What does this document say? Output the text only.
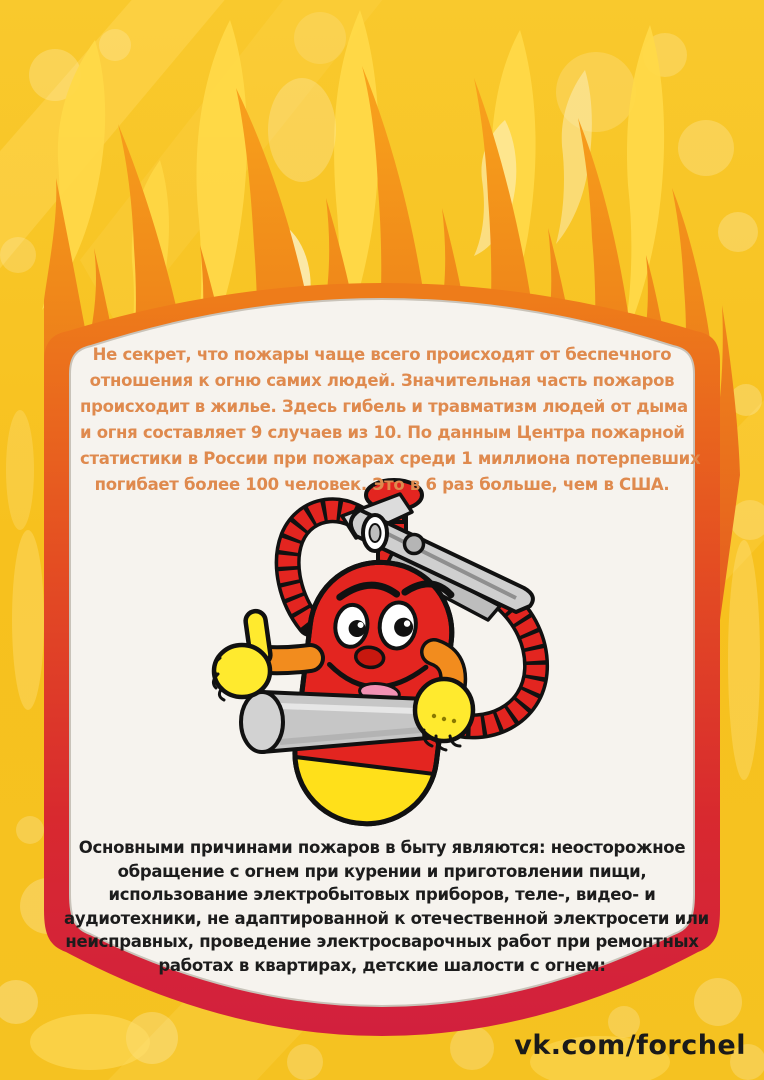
Не секрет, что пожары чаще всего происходят от беспечного
отношения к огню самих людей. Значительная часть пожаров
происходит в жилье. Здесь гибель и травматизм людей от дыма
и огня составляет 9 случаев из 10. По данным Центра пожарной
статистики в России при пожарах среди 1 миллиона потерпевших
погибает более 100 человек. Это в 6 раз больше, чем в США.
Основными причинами пожаров в быту являются: неосторожное
обращение с огнем при курении и приготовлении пищи,
использование электробытовых приборов, теле-, видео- и
аудиотехники, не адаптированной к отечественной электросети или
неисправных, проведение электросварочных работ при ремонтных
работах в квартирах, детские шалости с огнем:
vk.com/forchel
